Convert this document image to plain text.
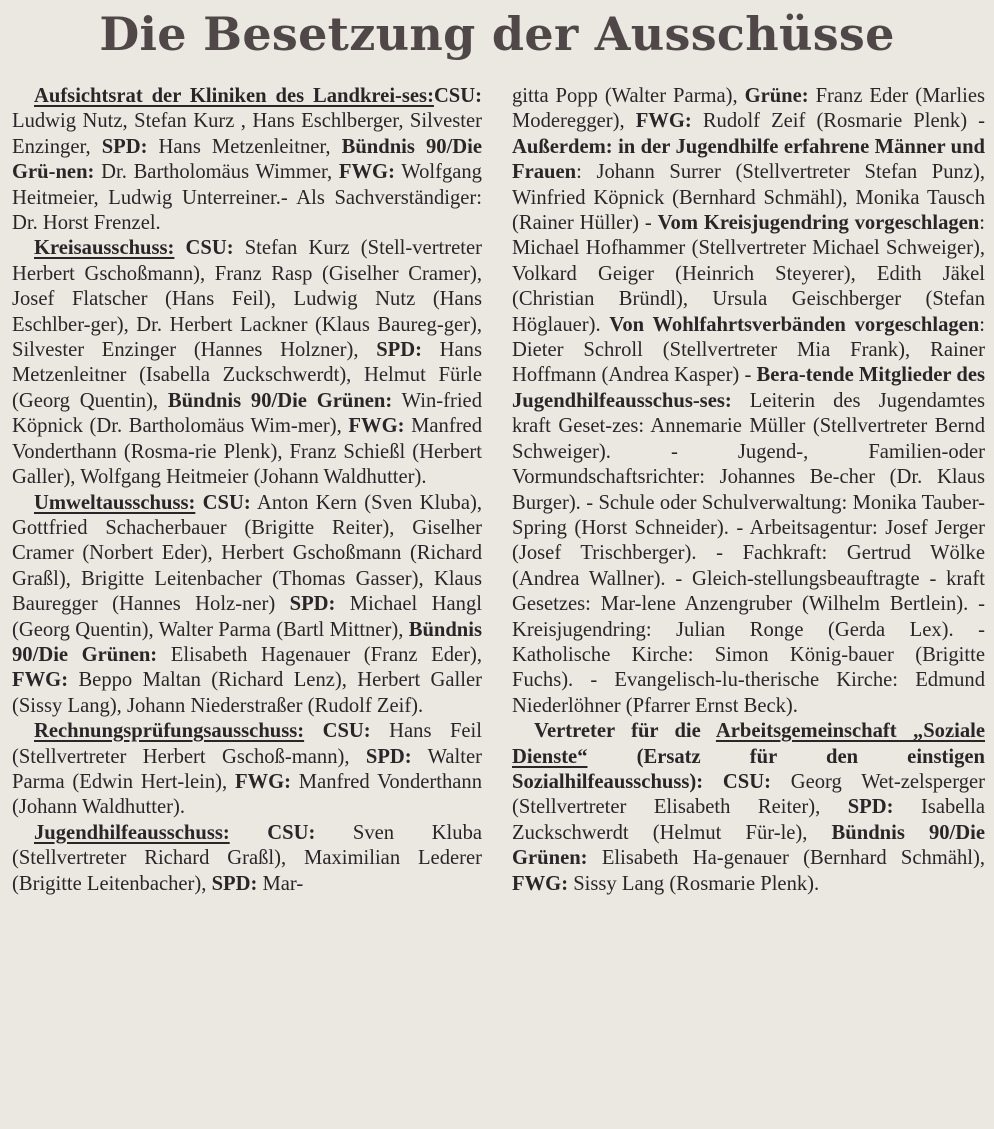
Die Besetzung der Ausschüsse

Aufsichtsrat der Kliniken des Landkrei-ses:CSU: Ludwig Nutz, Stefan Kurz , Hans Eschlberger, Silvester Enzinger, SPD: Hans Metzenleitner, Bündnis 90/Die Grü-nen: Dr. Bartholomäus Wimmer, FWG: Wolfgang Heitmeier, Ludwig Unterreiner.- Als Sachverständiger: Dr. Horst Frenzel.

Kreisausschuss: CSU: Stefan Kurz (Stell-vertreter Herbert Gschoßmann), Franz Rasp (Giselher Cramer), Josef Flatscher (Hans Feil), Ludwig Nutz (Hans Eschlber-ger), Dr. Herbert Lackner (Klaus Baureg-ger), Silvester Enzinger (Hannes Holzner), SPD: Hans Metzenleitner (Isabella Zuckschwerdt), Helmut Fürle (Georg Quentin), Bündnis 90/Die Grünen: Win-fried Köpnick (Dr. Bartholomäus Wim-mer), FWG: Manfred Vonderthann (Rosma-rie Plenk), Franz Schießl (Herbert Galler), Wolfgang Heitmeier (Johann Waldhutter).

Umweltausschuss: CSU: Anton Kern (Sven Kluba), Gottfried Schacherbauer (Brigitte Reiter), Giselher Cramer (Norbert Eder), Herbert Gschoßmann (Richard Graßl), Brigitte Leitenbacher (Thomas Gasser), Klaus Bauregger (Hannes Holz-ner) SPD: Michael Hangl (Georg Quentin), Walter Parma (Bartl Mittner), Bündnis 90/Die Grünen: Elisabeth Hagenauer (Franz Eder), FWG: Beppo Maltan (Richard Lenz), Herbert Galler (Sissy Lang), Johann Niederstraßer (Rudolf Zeif).

Rechnungsprüfungsausschuss: CSU: Hans Feil (Stellvertreter Herbert Gschoß-mann), SPD: Walter Parma (Edwin Hert-lein), FWG: Manfred Vonderthann (Johann Waldhutter).

Jugendhilfeausschuss: CSU: Sven Kluba (Stellvertreter Richard Graßl), Maximilian Lederer (Brigitte Leitenbacher), SPD: Mar-

gitta Popp (Walter Parma), Grüne: Franz Eder (Marlies Moderegger), FWG: Rudolf Zeif (Rosmarie Plenk) - Außerdem: in der Jugendhilfe erfahrene Männer und Frauen: Johann Surrer (Stellvertreter Stefan Punz), Winfried Köpnick (Bernhard Schmähl), Monika Tausch (Rainer Hüller) - Vom Kreisjugendring vorgeschlagen: Michael Hofhammer (Stellvertreter Michael Schweiger), Volkard Geiger (Heinrich Steyerer), Edith Jäkel (Christian Bründl), Ursula Geischberger (Stefan Höglauer). Von Wohlfahrtsverbänden vorgeschlagen: Dieter Schroll (Stellvertreter Mia Frank), Rainer Hoffmann (Andrea Kasper) - Bera-tende Mitglieder des Jugendhilfeausschus-ses: Leiterin des Jugendamtes kraft Geset-zes: Annemarie Müller (Stellvertreter Bernd Schweiger). - Jugend-, Familien-oder Vormundschaftsrichter: Johannes Be-cher (Dr. Klaus Burger). - Schule oder Schulverwaltung: Monika Tauber-Spring (Horst Schneider). - Arbeitsagentur: Josef Jerger (Josef Trischberger). - Fachkraft: Gertrud Wölke (Andrea Wallner). - Gleich-stellungsbeauftragte - kraft Gesetzes: Mar-lene Anzengruber (Wilhelm Bertlein). - Kreisjugendring: Julian Ronge (Gerda Lex). - Katholische Kirche: Simon König-bauer (Brigitte Fuchs). - Evangelisch-lu-therische Kirche: Edmund Niederlöhner (Pfarrer Ernst Beck).

Vertreter für die Arbeitsgemeinschaft „Soziale Dienste“ (Ersatz für den einstigen Sozialhilfeausschuss): CSU: Georg Wet-zelsperger (Stellvertreter Elisabeth Reiter), SPD: Isabella Zuckschwerdt (Helmut Für-le), Bündnis 90/Die Grünen: Elisabeth Ha-genauer (Bernhard Schmähl), FWG: Sissy Lang (Rosmarie Plenk).
